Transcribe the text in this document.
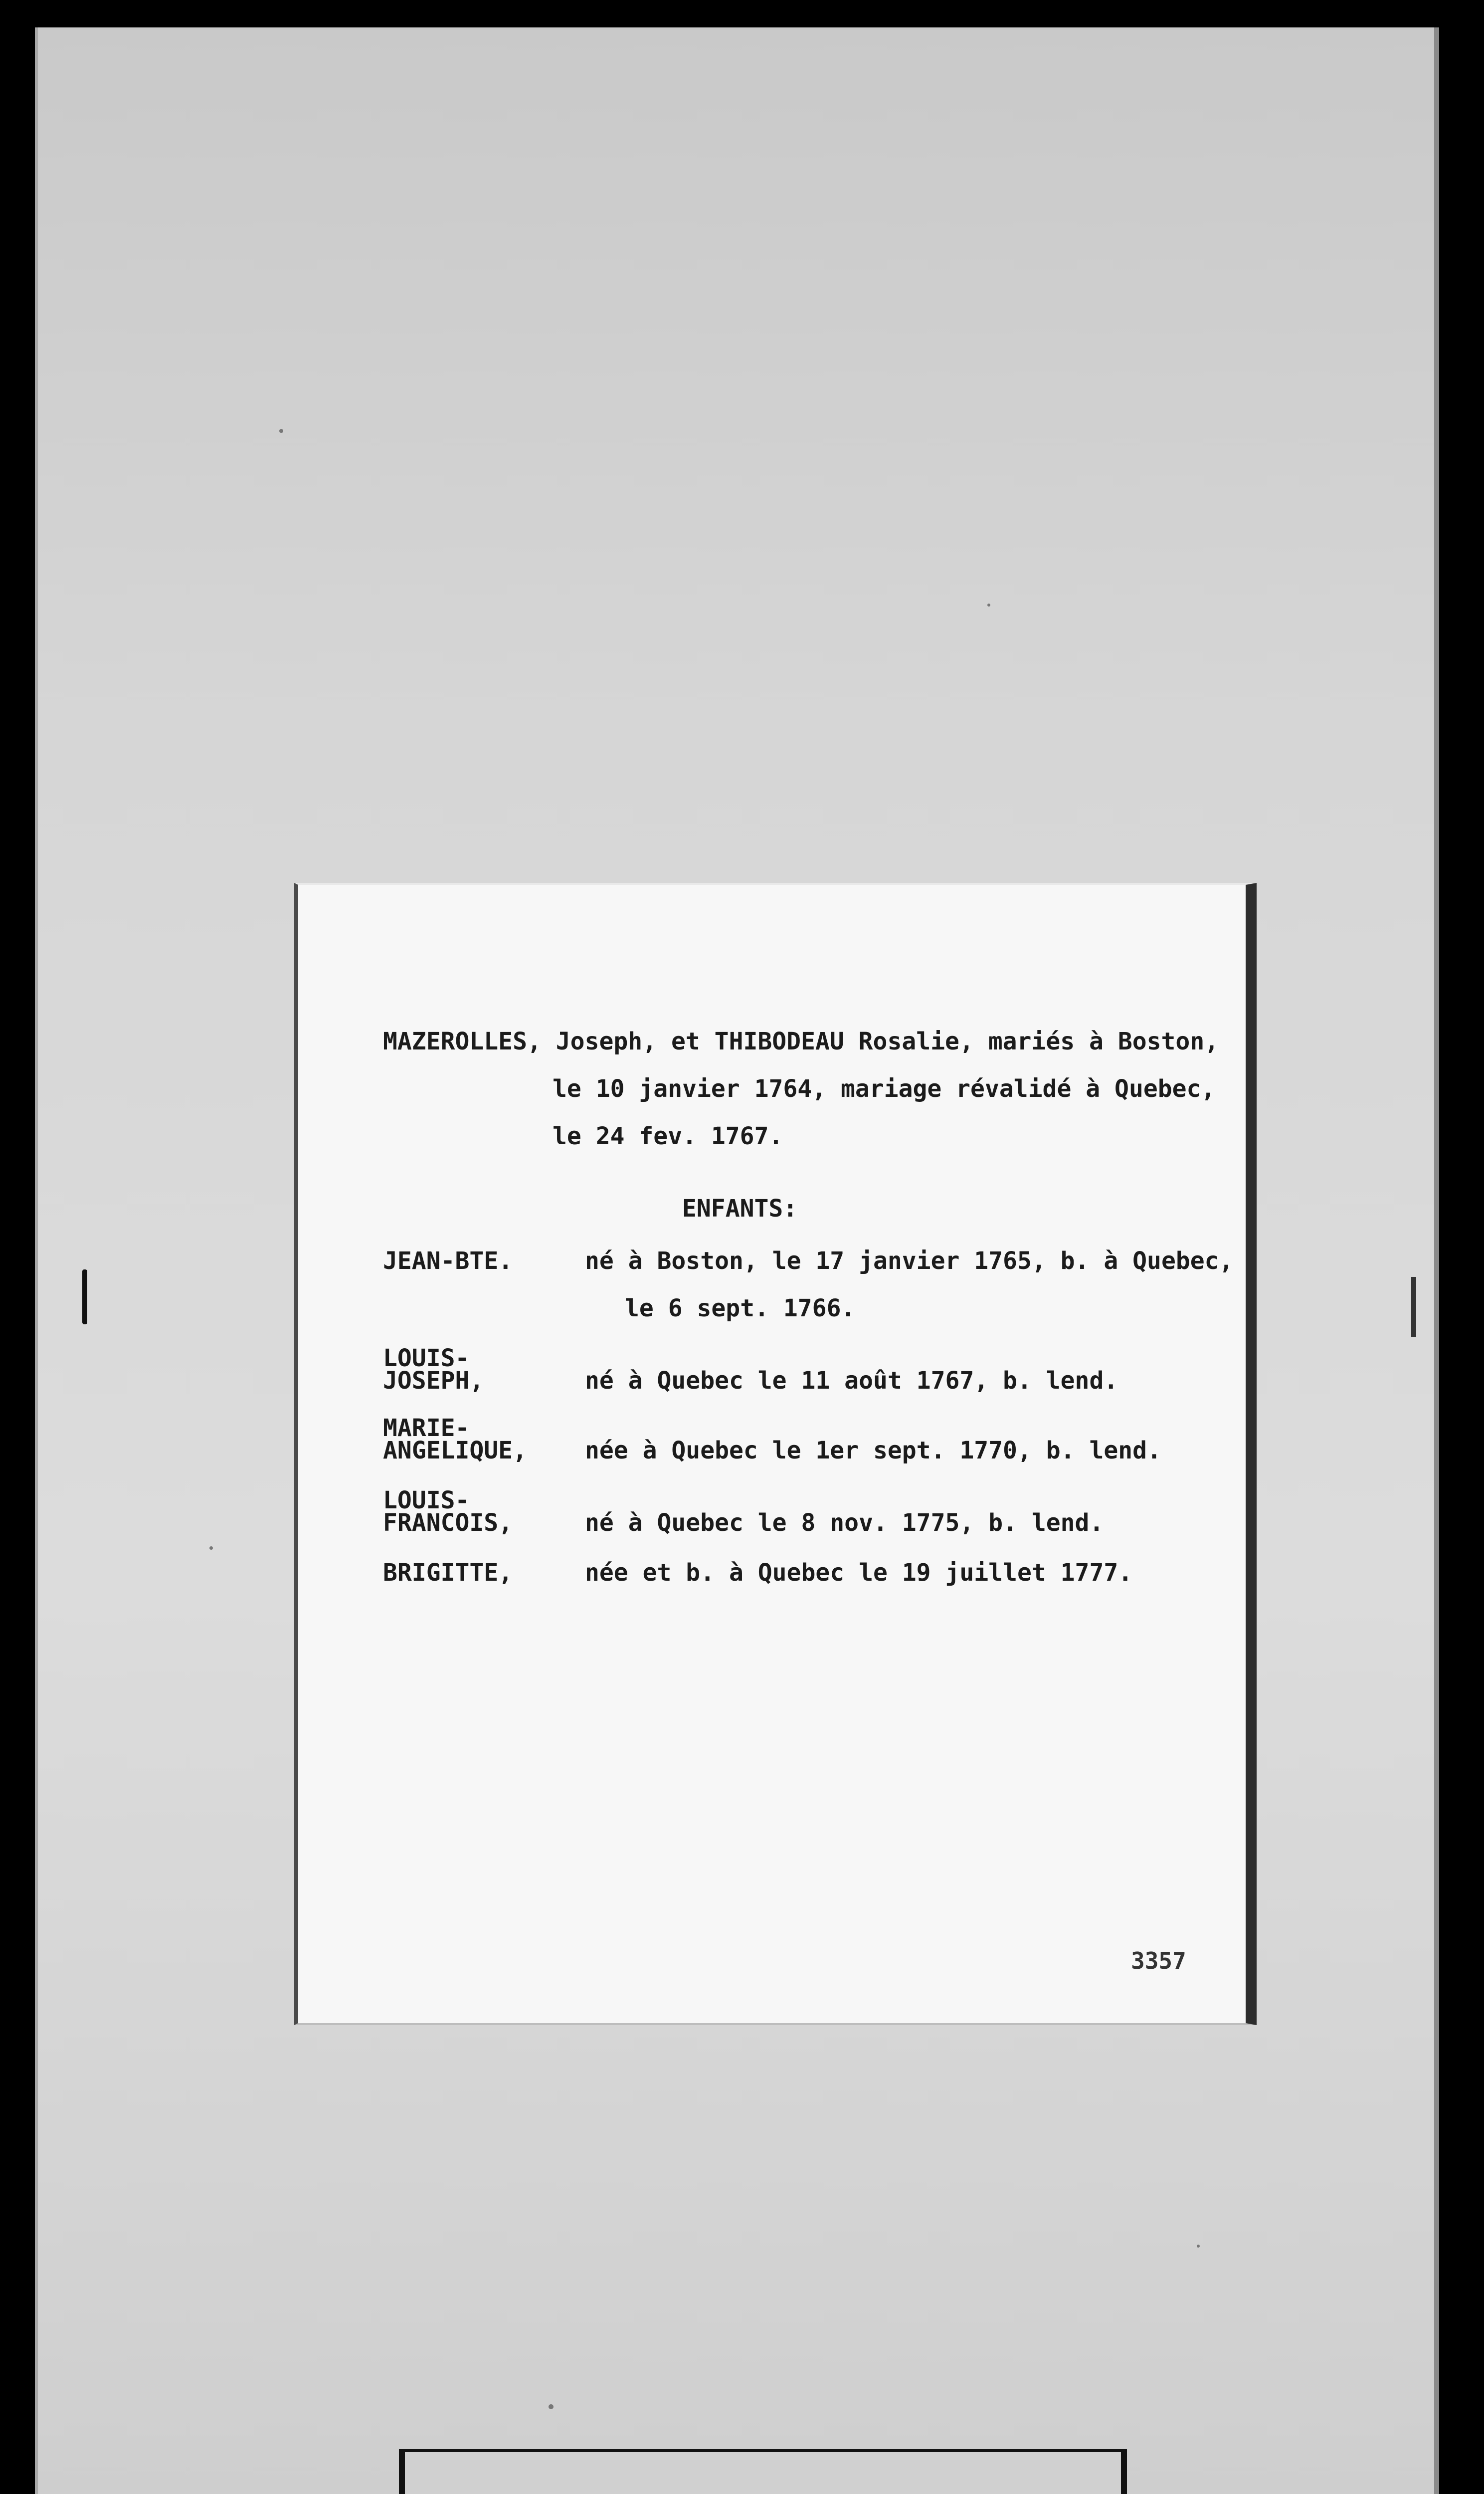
MAZEROLLES, Joseph, et THIBODEAU Rosalie, mariés à Boston,
le 10 janvier 1764, mariage révalidé à Quebec,
le 24 fev. 1767.
ENFANTS:
JEAN-BTE.	né à Boston, le 17 janvier 1765, b. à Quebec,
le 6 sept. 1766.
LOUIS-
JOSEPH,	né à Quebec le 11 août 1767, b. lend.
MARIE-
ANGELIQUE, née à Quebec le 1er sept. 1770, b. lend.
LOUIS-
FRANCOIS,	né à Quebec le 8 nov. 1775, b. lend.
BRIGITTE,	née et b. à Quebec le 19 juillet 1777.
3357
